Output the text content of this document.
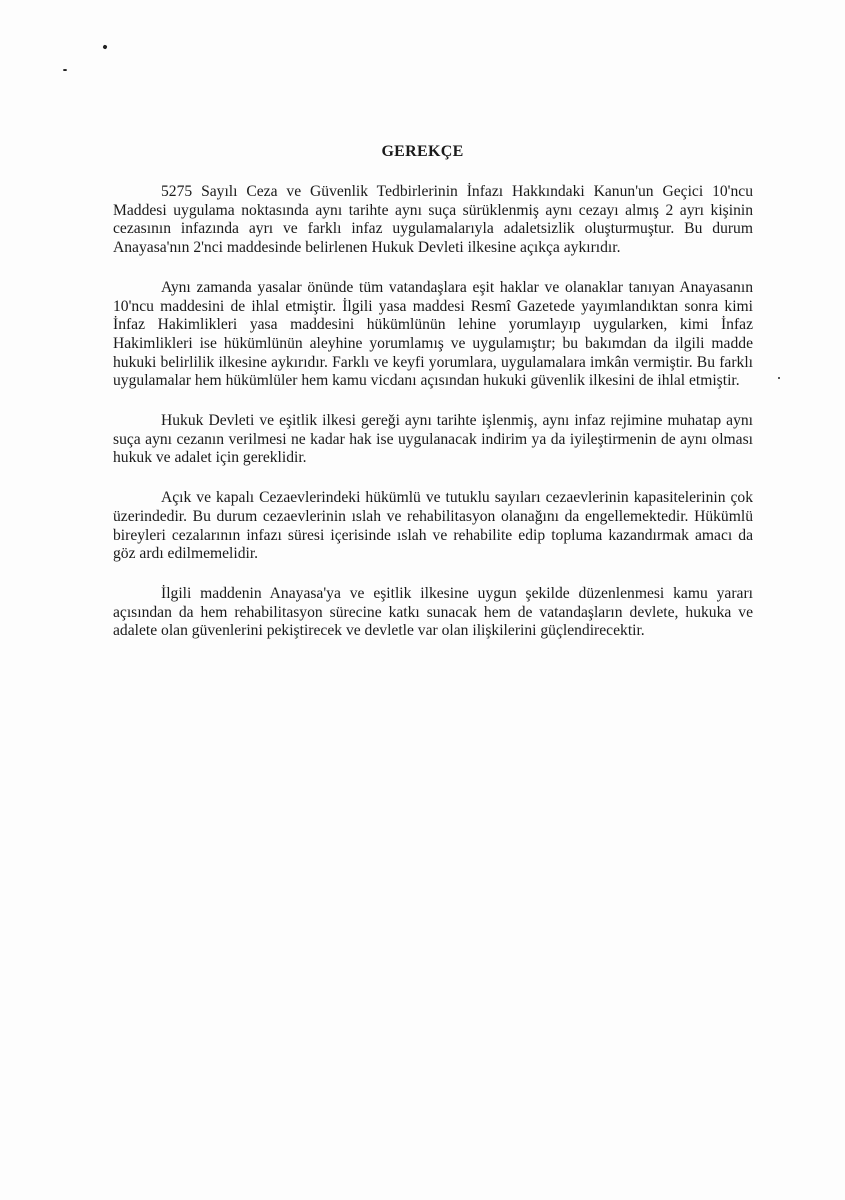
GEREKÇE

5275 Sayılı Ceza ve Güvenlik Tedbirlerinin İnfazı Hakkındaki Kanun'un Geçici 10'ncu Maddesi uygulama noktasında aynı tarihte aynı suça sürüklenmiş aynı cezayı almış 2 ayrı kişinin cezasının infazında ayrı ve farklı infaz uygulamalarıyla adaletsizlik oluşturmuştur. Bu durum Anayasa'nın 2'nci maddesinde belirlenen Hukuk Devleti ilkesine açıkça aykırıdır.

Aynı zamanda yasalar önünde tüm vatandaşlara eşit haklar ve olanaklar tanıyan Anayasanın 10'ncu maddesini de ihlal etmiştir. İlgili yasa maddesi Resmî Gazetede yayımlandıktan sonra kimi İnfaz Hakimlikleri yasa maddesini hükümlünün lehine yorumlayıp uygularken, kimi İnfaz Hakimlikleri ise hükümlünün aleyhine yorumlamış ve uygulamıştır; bu bakımdan da ilgili madde hukuki belirlilik ilkesine aykırıdır. Farklı ve keyfi yorumlara, uygulamalara imkân vermiştir. Bu farklı uygulamalar hem hükümlüler hem kamu vicdanı açısından hukuki güvenlik ilkesini de ihlal etmiştir.

Hukuk Devleti ve eşitlik ilkesi gereği aynı tarihte işlenmiş, aynı infaz rejimine muhatap aynı suça aynı cezanın verilmesi ne kadar hak ise uygulanacak indirim ya da iyileştirmenin de aynı olması hukuk ve adalet için gereklidir.

Açık ve kapalı Cezaevlerindeki hükümlü ve tutuklu sayıları cezaevlerinin kapasitelerinin çok üzerindedir. Bu durum cezaevlerinin ıslah ve rehabilitasyon olanağını da engellemektedir. Hükümlü bireyleri cezalarının infazı süresi içerisinde ıslah ve rehabilite edip topluma kazandırmak amacı da göz ardı edilmemelidir.

İlgili maddenin Anayasa'ya ve eşitlik ilkesine uygun şekilde düzenlenmesi kamu yararı açısından da hem rehabilitasyon sürecine katkı sunacak hem de vatandaşların devlete, hukuka ve adalete olan güvenlerini pekiştirecek ve devletle var olan ilişkilerini güçlendirecektir.
